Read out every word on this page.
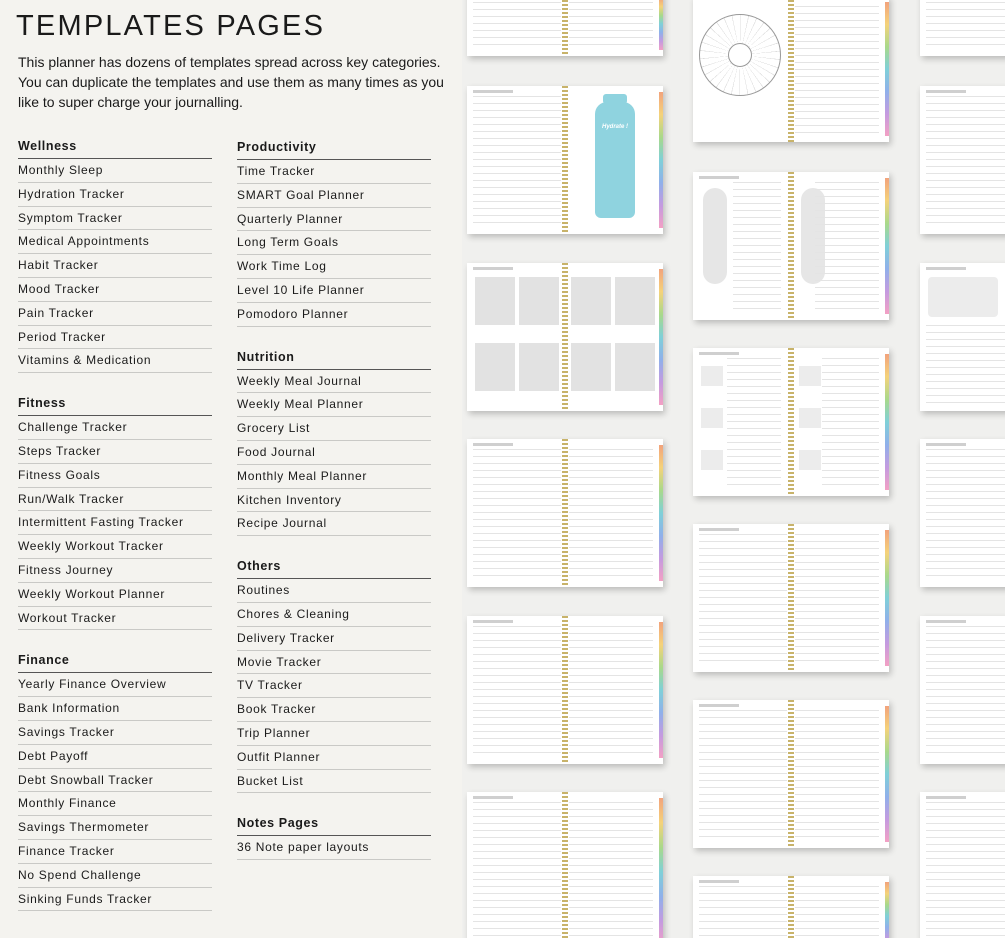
TEMPLATES PAGES
This planner has dozens of templates spread across key categories. You can duplicate the templates and use them as many times as you like to super charge your journalling.
Wellness
Monthly Sleep
Hydration Tracker
Symptom Tracker
Medical Appointments
Habit Tracker
Mood Tracker
Pain Tracker
Period Tracker
Vitamins & Medication
Fitness
Challenge Tracker
Steps Tracker
Fitness Goals
Run/Walk Tracker
Intermittent Fasting Tracker
Weekly Workout Tracker
Fitness Journey
Weekly Workout Planner
Workout Tracker
Finance
Yearly Finance Overview
Bank Information
Savings Tracker
Debt Payoff
Debt Snowball Tracker
Monthly Finance
Savings Thermometer
Finance Tracker
No Spend Challenge
Sinking Funds Tracker
Productivity
Time Tracker
SMART Goal Planner
Quarterly Planner
Long Term Goals
Work Time Log
Level 10 Life Planner
Pomodoro Planner
Nutrition
Weekly Meal Journal
Weekly Meal Planner
Grocery List
Food Journal
Monthly Meal Planner
Kitchen Inventory
Recipe Journal
Others
Routines
Chores & Cleaning
Delivery Tracker
Movie Tracker
TV Tracker
Book Tracker
Trip Planner
Outfit Planner
Bucket List
Notes Pages
36 Note paper layouts
Hydrate !
